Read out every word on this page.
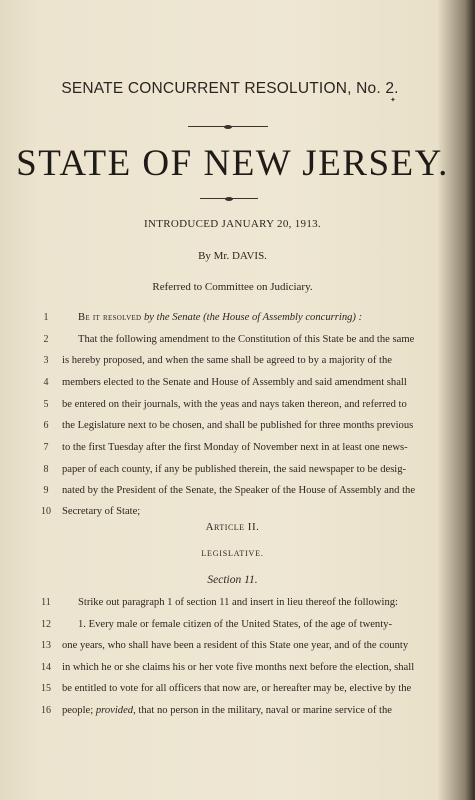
SENATE CONCURRENT RESOLUTION, No. 2.
✦
STATE OF NEW JERSEY.
INTRODUCED JANUARY 20, 1913.
By Mr. DAVIS.
Referred to Committee on Judiciary.
1	Be it resolved by the Senate (the House of Assembly concurring) :
2	That the following amendment to the Constitution of this State be and the same
3	is hereby proposed, and when the same shall be agreed to by a majority of the
4	members elected to the Senate and House of Assembly and said amendment shall
5	be entered on their journals, with the yeas and nays taken thereon, and referred to
6	the Legislature next to be chosen, and shall be published for three months previous
7	to the first Tuesday after the first Monday of November next in at least one news-
8	paper of each county, if any be published therein, the said newspaper to be desig-
9	nated by the President of the Senate, the Speaker of the House of Assembly and the
10	Secretary of State;
Article II.
LEGISLATIVE.
Section 11.
11	Strike out paragraph 1 of section 11 and insert in lieu thereof the following:
12	1. Every male or female citizen of the United States, of the age of twenty-
13	one years, who shall have been a resident of this State one year, and of the county
14	in which he or she claims his or her vote five months next before the election, shall
15	be entitled to vote for all officers that now are, or hereafter may be, elective by the
16	people; provided, that no person in the military, naval or marine service of the
